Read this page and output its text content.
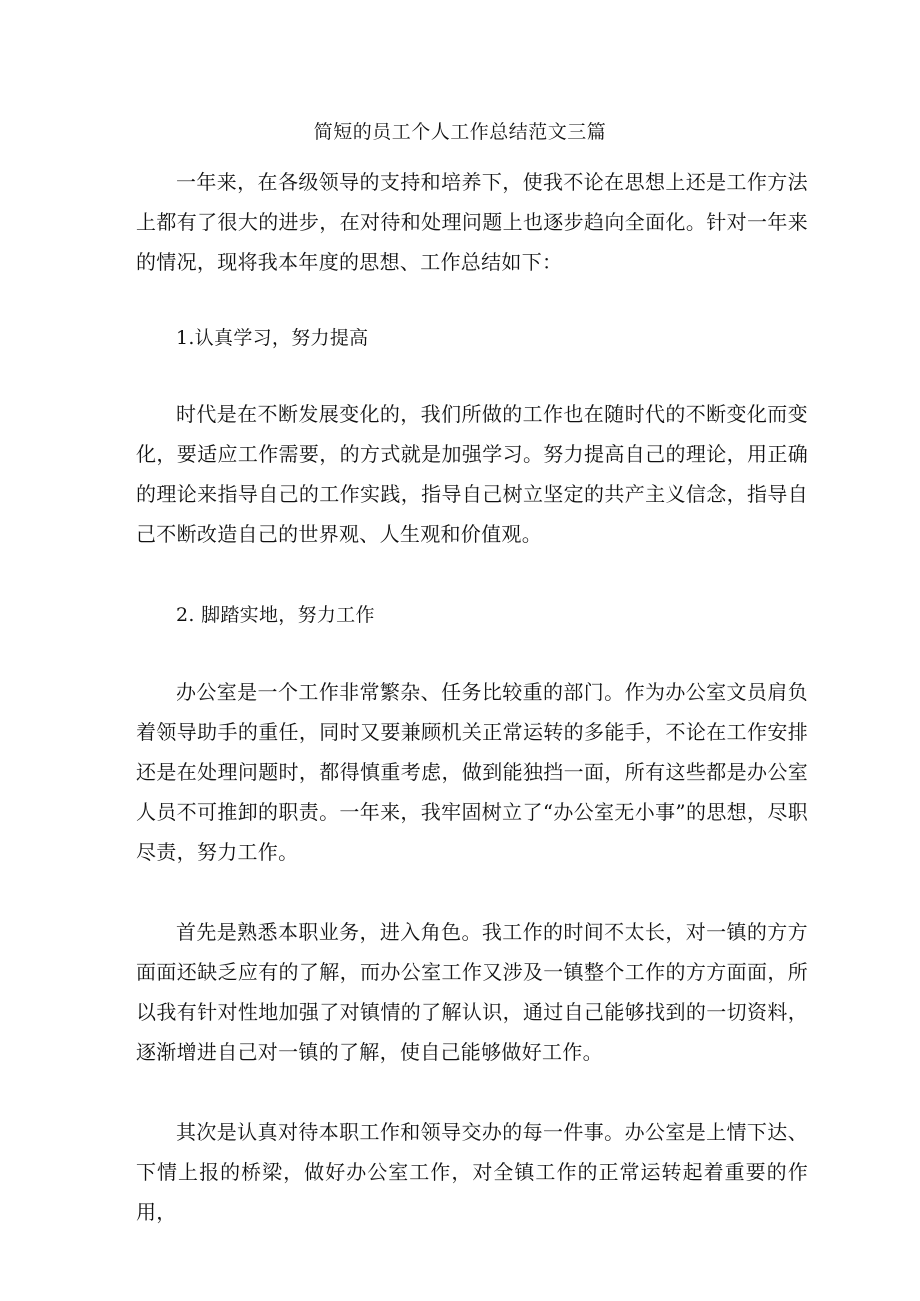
简短的员工个人工作总结范文三篇

一年来，在各级领导的支持和培养下，使我不论在思想上还是工作方法上都有了很大的进步，在对待和处理问题上也逐步趋向全面化。针对一年来的情况，现将我本年度的思想、工作总结如下：

1.认真学习，努力提高

时代是在不断发展变化的，我们所做的工作也在随时代的不断变化而变化，要适应工作需要，的方式就是加强学习。努力提高自己的理论，用正确的理论来指导自己的工作实践，指导自己树立坚定的共产主义信念，指导自己不断改造自己的世界观、人生观和价值观。

2. 脚踏实地，努力工作

办公室是一个工作非常繁杂、任务比较重的部门。作为办公室文员肩负着领导助手的重任，同时又要兼顾机关正常运转的多能手，不论在工作安排还是在处理问题时，都得慎重考虑，做到能独挡一面，所有这些都是办公室人员不可推卸的职责。一年来，我牢固树立了“办公室无小事”的思想，尽职尽责，努力工作。

首先是熟悉本职业务，进入角色。我工作的时间不太长，对一镇的方方面面还缺乏应有的了解，而办公室工作又涉及一镇整个工作的方方面面，所以我有针对性地加强了对镇情的了解认识，通过自己能够找到的一切资料，逐渐增进自己对一镇的了解，使自己能够做好工作。

其次是认真对待本职工作和领导交办的每一件事。办公室是上情下达、下情上报的桥梁，做好办公室工作，对全镇工作的正常运转起着重要的作用，
